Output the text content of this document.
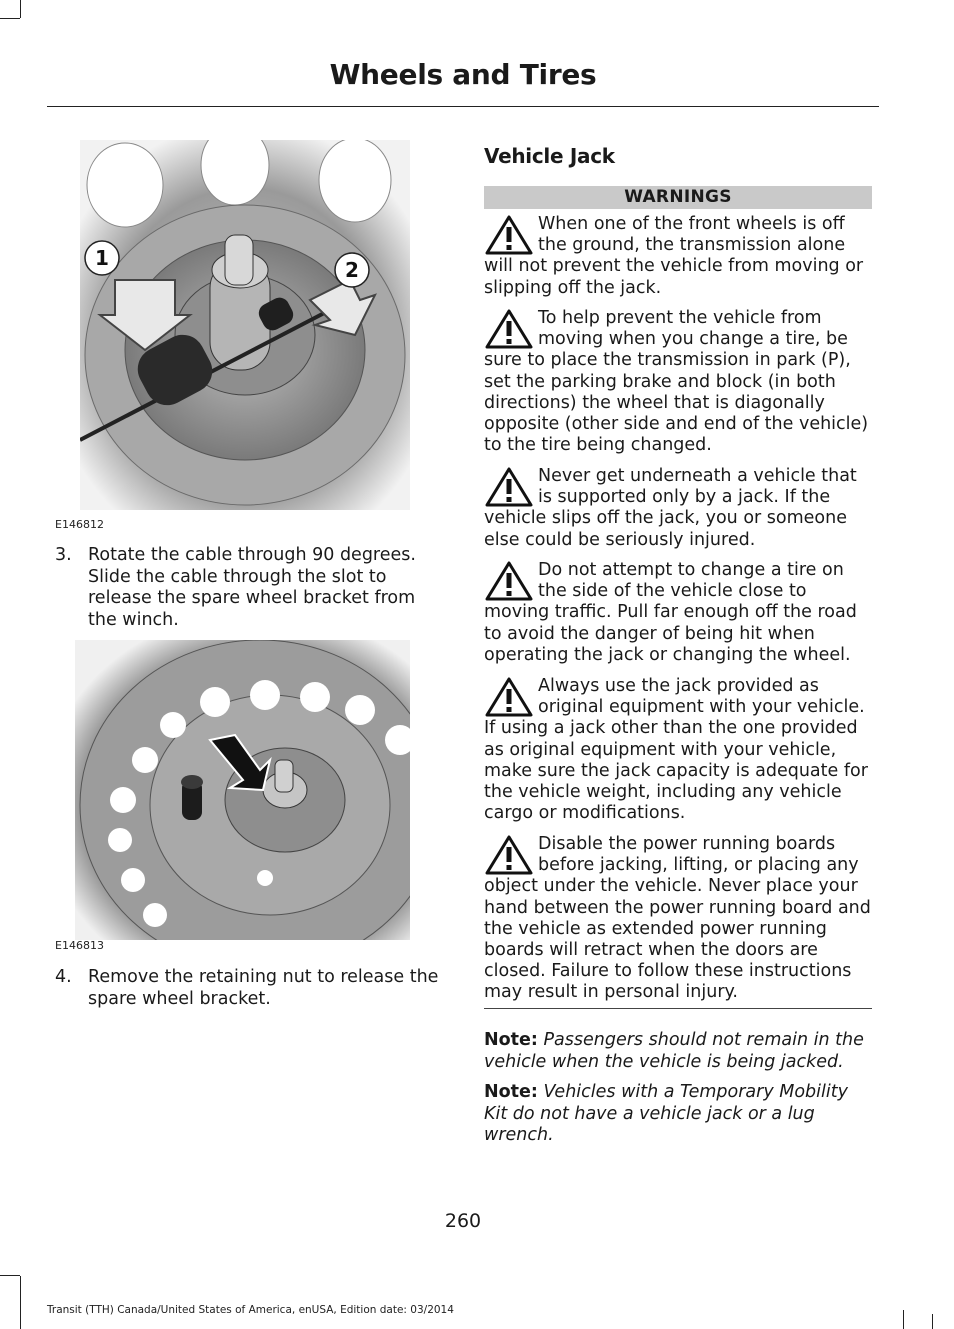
Wheels and Tires
1	2
E146812
3. Rotate the cable through 90 degrees. Slide the cable through the slot to release the spare wheel bracket from the winch.
E146813
4. Remove the retaining nut to release the spare wheel bracket.
Vehicle Jack
WARNINGS
When one of the front wheels is off the ground, the transmission alone will not prevent the vehicle from moving or slipping off the jack.
To help prevent the vehicle from moving when you change a tire, be sure to place the transmission in park (P), set the parking brake and block (in both directions) the wheel that is diagonally opposite (other side and end of the vehicle) to the tire being changed.
Never get underneath a vehicle that is supported only by a jack. If the vehicle slips off the jack, you or someone else could be seriously injured.
Do not attempt to change a tire on the side of the vehicle close to moving traffic. Pull far enough off the road to avoid the danger of being hit when operating the jack or changing the wheel.
Always use the jack provided as original equipment with your vehicle. If using a jack other than the one provided as original equipment with your vehicle, make sure the jack capacity is adequate for the vehicle weight, including any vehicle cargo or modifications.
Disable the power running boards before jacking, lifting, or placing any object under the vehicle. Never place your hand between the power running board and the vehicle as extended power running boards will retract when the doors are closed. Failure to follow these instructions may result in personal injury.
Note: Passengers should not remain in the vehicle when the vehicle is being jacked.
Note: Vehicles with a Temporary Mobility Kit do not have a vehicle jack or a lug wrench.
260
Transit (TTH) Canada/United States of America, enUSA, Edition date: 03/2014
